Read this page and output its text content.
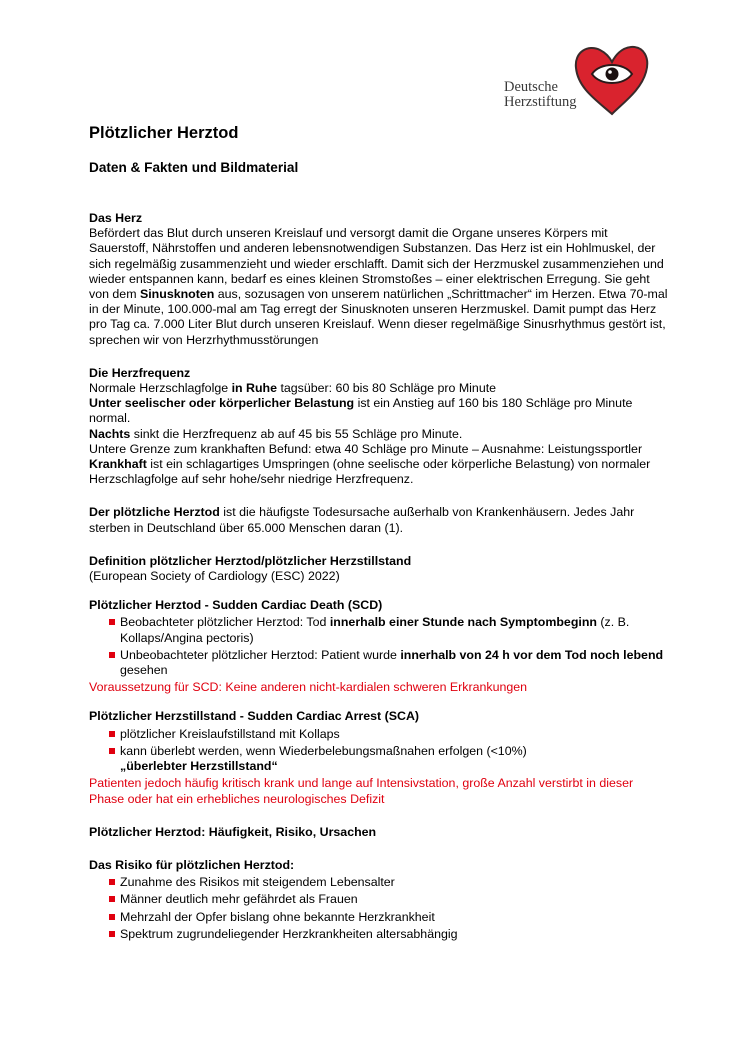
Deutsche
Herzstiftung
Plötzlicher Herztod
Daten & Fakten und Bildmaterial
Das Herz

Befördert das Blut durch unseren Kreislauf und versorgt damit die Organe unseres Körpers mit Sauerstoff, Nährstoffen und anderen lebensnotwendigen Substanzen. Das Herz ist ein Hohlmuskel, der sich regelmäßig zusammenzieht und wieder erschlafft. Damit sich der Herzmuskel zusammenziehen und wieder entspannen kann, bedarf es eines kleinen Stromstoßes – einer elektrischen Erregung. Sie geht von dem Sinusknoten aus, sozusagen von unserem natürlichen „Schrittmacher“ im Herzen. Etwa 70-mal in der Minute, 100.000-mal am Tag erregt der Sinusknoten unseren Herzmuskel. Damit pumpt das Herz pro Tag ca. 7.000 Liter Blut durch unseren Kreislauf. Wenn dieser regelmäßige Sinusrhythmus gestört ist, sprechen wir von Herzrhythmusstörungen

Die Herzfrequenz

Normale Herzschlagfolge in Ruhe tagsüber: 60 bis 80 Schläge pro Minute

Unter seelischer oder körperlicher Belastung ist ein Anstieg auf 160 bis 180 Schläge pro Minute normal.

Nachts sinkt die Herzfrequenz ab auf 45 bis 55 Schläge pro Minute.

Untere Grenze zum krankhaften Befund: etwa 40 Schläge pro Minute – Ausnahme: Leistungssportler

Krankhaft ist ein schlagartiges Umspringen (ohne seelische oder körperliche Belastung) von normaler Herzschlagfolge auf sehr hohe/sehr niedrige Herzfrequenz.

Der plötzliche Herztod ist die häufigste Todesursache außerhalb von Krankenhäusern. Jedes Jahr sterben in Deutschland über 65.000 Menschen daran (1).

Definition plötzlicher Herztod/plötzlicher Herzstillstand

(European Society of Cardiology (ESC) 2022)

Plötzlicher Herztod - Sudden Cardiac Death (SCD)
Beobachteter plötzlicher Herztod: Tod innerhalb einer Stunde nach Symptombeginn (z. B. Kollaps/Angina pectoris)
Unbeobachteter plötzlicher Herztod: Patient wurde innerhalb von 24 h vor dem Tod noch lebend gesehen

Voraussetzung für SCD: Keine anderen nicht-kardialen schweren Erkrankungen

Plötzlicher Herzstillstand - Sudden Cardiac Arrest (SCA)
plötzlicher Kreislaufstillstand mit Kollaps
kann überlebt werden, wenn Wiederbelebungsmaßnahen erfolgen (<10%)
„überlebter Herzstillstand“

Patienten jedoch häufig kritisch krank und lange auf Intensivstation, große Anzahl verstirbt in dieser Phase oder hat ein erhebliches neurologisches Defizit

Plötzlicher Herztod: Häufigkeit, Risiko, Ursachen
Das Risiko für plötzlichen Herztod:
Zunahme des Risikos mit steigendem Lebensalter
Männer deutlich mehr gefährdet als Frauen
Mehrzahl der Opfer bislang ohne bekannte Herzkrankheit
Spektrum zugrundeliegender Herzkrankheiten altersabhängig
